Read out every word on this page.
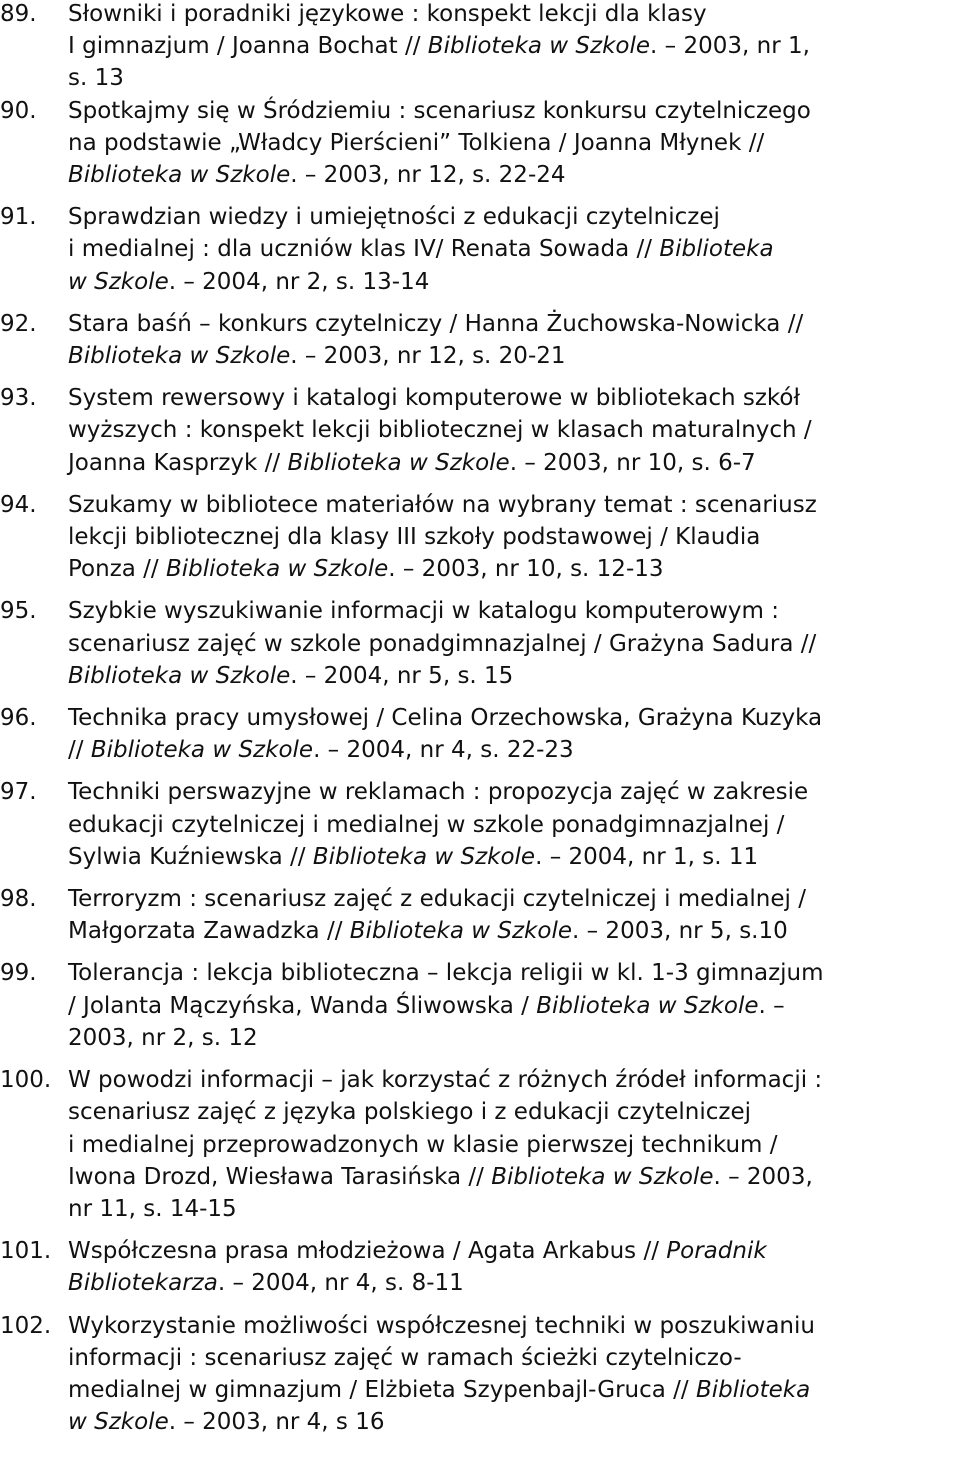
89.	Słowniki i poradniki językowe : konspekt lekcji dla klasy
I gimnazjum / Joanna Bochat // Biblioteka w Szkole. – 2003, nr 1,
s. 13
90.	Spotkajmy się w Śródziemiu : scenariusz konkursu czytelniczego
na podstawie „Władcy Pierścieni” Tolkiena / Joanna Młynek //
Biblioteka w Szkole. – 2003, nr 12, s. 22-24
91.	Sprawdzian wiedzy i umiejętności z edukacji czytelniczej
i medialnej : dla uczniów klas IV/ Renata Sowada // Biblioteka
w Szkole. – 2004, nr 2, s. 13-14
92.	Stara baśń – konkurs czytelniczy / Hanna Żuchowska-Nowicka //
Biblioteka w Szkole. – 2003, nr 12, s. 20-21
93.	System rewersowy i katalogi komputerowe w bibliotekach szkół
wyższych : konspekt lekcji bibliotecznej w klasach maturalnych /
Joanna Kasprzyk // Biblioteka w Szkole. – 2003, nr 10, s. 6-7
94.	Szukamy w bibliotece materiałów na wybrany temat : scenariusz
lekcji bibliotecznej dla klasy III szkoły podstawowej / Klaudia
Ponza // Biblioteka w Szkole. – 2003, nr 10, s. 12-13
95.	Szybkie wyszukiwanie informacji w katalogu komputerowym :
scenariusz zajęć w szkole ponadgimnazjalnej / Grażyna Sadura //
Biblioteka w Szkole. – 2004, nr 5, s. 15
96.	Technika pracy umysłowej / Celina Orzechowska, Grażyna Kuzyka
// Biblioteka w Szkole. – 2004, nr 4, s. 22-23
97.	Techniki perswazyjne w reklamach : propozycja zajęć w zakresie
edukacji czytelniczej i medialnej w szkole ponadgimnazjalnej /
Sylwia Kuźniewska // Biblioteka w Szkole. – 2004, nr 1, s. 11
98.	Terroryzm : scenariusz zajęć z edukacji czytelniczej i medialnej /
Małgorzata Zawadzka // Biblioteka w Szkole. – 2003, nr 5, s.10
99.	Tolerancja : lekcja biblioteczna – lekcja religii w kl. 1-3 gimnazjum
/ Jolanta Mączyńska, Wanda Śliwowska / Biblioteka w Szkole. –
2003, nr 2, s. 12
100. W powodzi informacji – jak korzystać z różnych źródeł informacji :
scenariusz zajęć z języka polskiego i z edukacji czytelniczej
i medialnej przeprowadzonych w klasie pierwszej technikum /
Iwona Drozd, Wiesława Tarasińska // Biblioteka w Szkole. – 2003,
nr 11, s. 14-15
101. Współczesna prasa młodzieżowa / Agata Arkabus // Poradnik
Bibliotekarza. – 2004, nr 4, s. 8-11
102. Wykorzystanie możliwości współczesnej techniki w poszukiwaniu
informacji : scenariusz zajęć w ramach ścieżki czytelniczo-
medialnej w gimnazjum / Elżbieta Szypenbajl-Gruca // Biblioteka
w Szkole. – 2003, nr 4, s 16
